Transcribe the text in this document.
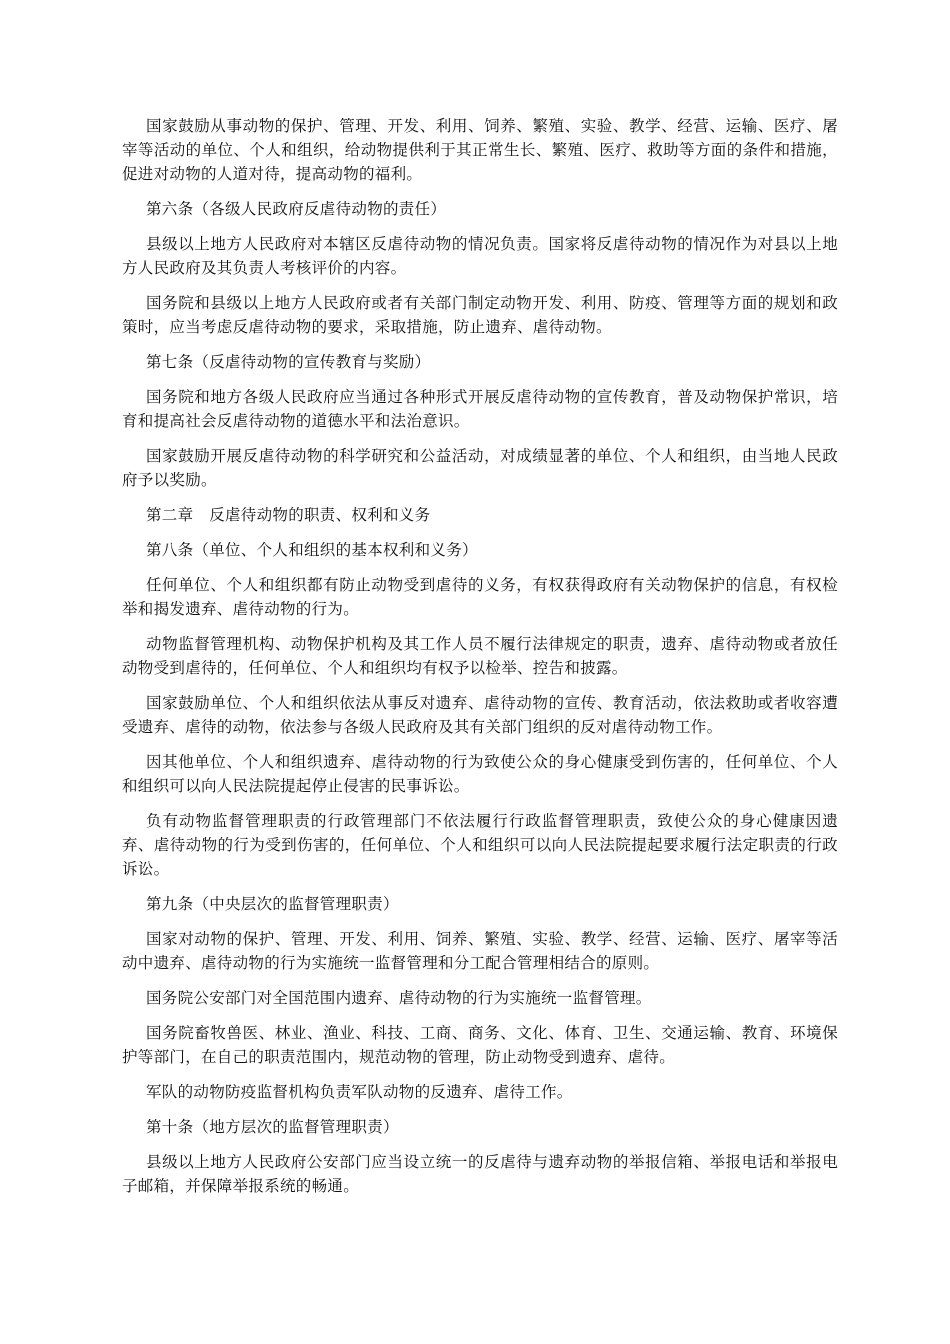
国家鼓励从事动物的保护、管理、开发、利用、饲养、繁殖、实验、教学、经营、运输、医疗、屠宰等活动的单位、个人和组织，给动物提供利于其正常生长、繁殖、医疗、救助等方面的条件和措施，促进对动物的人道对待，提高动物的福利。

第六条（各级人民政府反虐待动物的责任）

县级以上地方人民政府对本辖区反虐待动物的情况负责。国家将反虐待动物的情况作为对县以上地方人民政府及其负责人考核评价的内容。

国务院和县级以上地方人民政府或者有关部门制定动物开发、利用、防疫、管理等方面的规划和政策时，应当考虑反虐待动物的要求，采取措施，防止遗弃、虐待动物。

第七条（反虐待动物的宣传教育与奖励）

国务院和地方各级人民政府应当通过各种形式开展反虐待动物的宣传教育，普及动物保护常识，培育和提高社会反虐待动物的道德水平和法治意识。

国家鼓励开展反虐待动物的科学研究和公益活动，对成绩显著的单位、个人和组织，由当地人民政府予以奖励。

第二章　反虐待动物的职责、权利和义务

第八条（单位、个人和组织的基本权利和义务）

任何单位、个人和组织都有防止动物受到虐待的义务，有权获得政府有关动物保护的信息，有权检举和揭发遗弃、虐待动物的行为。

动物监督管理机构、动物保护机构及其工作人员不履行法律规定的职责，遗弃、虐待动物或者放任动物受到虐待的，任何单位、个人和组织均有权予以检举、控告和披露。

国家鼓励单位、个人和组织依法从事反对遗弃、虐待动物的宣传、教育活动，依法救助或者收容遭受遗弃、虐待的动物，依法参与各级人民政府及其有关部门组织的反对虐待动物工作。

因其他单位、个人和组织遗弃、虐待动物的行为致使公众的身心健康受到伤害的，任何单位、个人和组织可以向人民法院提起停止侵害的民事诉讼。

负有动物监督管理职责的行政管理部门不依法履行行政监督管理职责，致使公众的身心健康因遗弃、虐待动物的行为受到伤害的，任何单位、个人和组织可以向人民法院提起要求履行法定职责的行政诉讼。

第九条（中央层次的监督管理职责）

国家对动物的保护、管理、开发、利用、饲养、繁殖、实验、教学、经营、运输、医疗、屠宰等活动中遗弃、虐待动物的行为实施统一监督管理和分工配合管理相结合的原则。

国务院公安部门对全国范围内遗弃、虐待动物的行为实施统一监督管理。

国务院畜牧兽医、林业、渔业、科技、工商、商务、文化、体育、卫生、交通运输、教育、环境保护等部门，在自己的职责范围内，规范动物的管理，防止动物受到遗弃、虐待。

军队的动物防疫监督机构负责军队动物的反遗弃、虐待工作。

第十条（地方层次的监督管理职责）

县级以上地方人民政府公安部门应当设立统一的反虐待与遗弃动物的举报信箱、举报电话和举报电子邮箱，并保障举报系统的畅通。
